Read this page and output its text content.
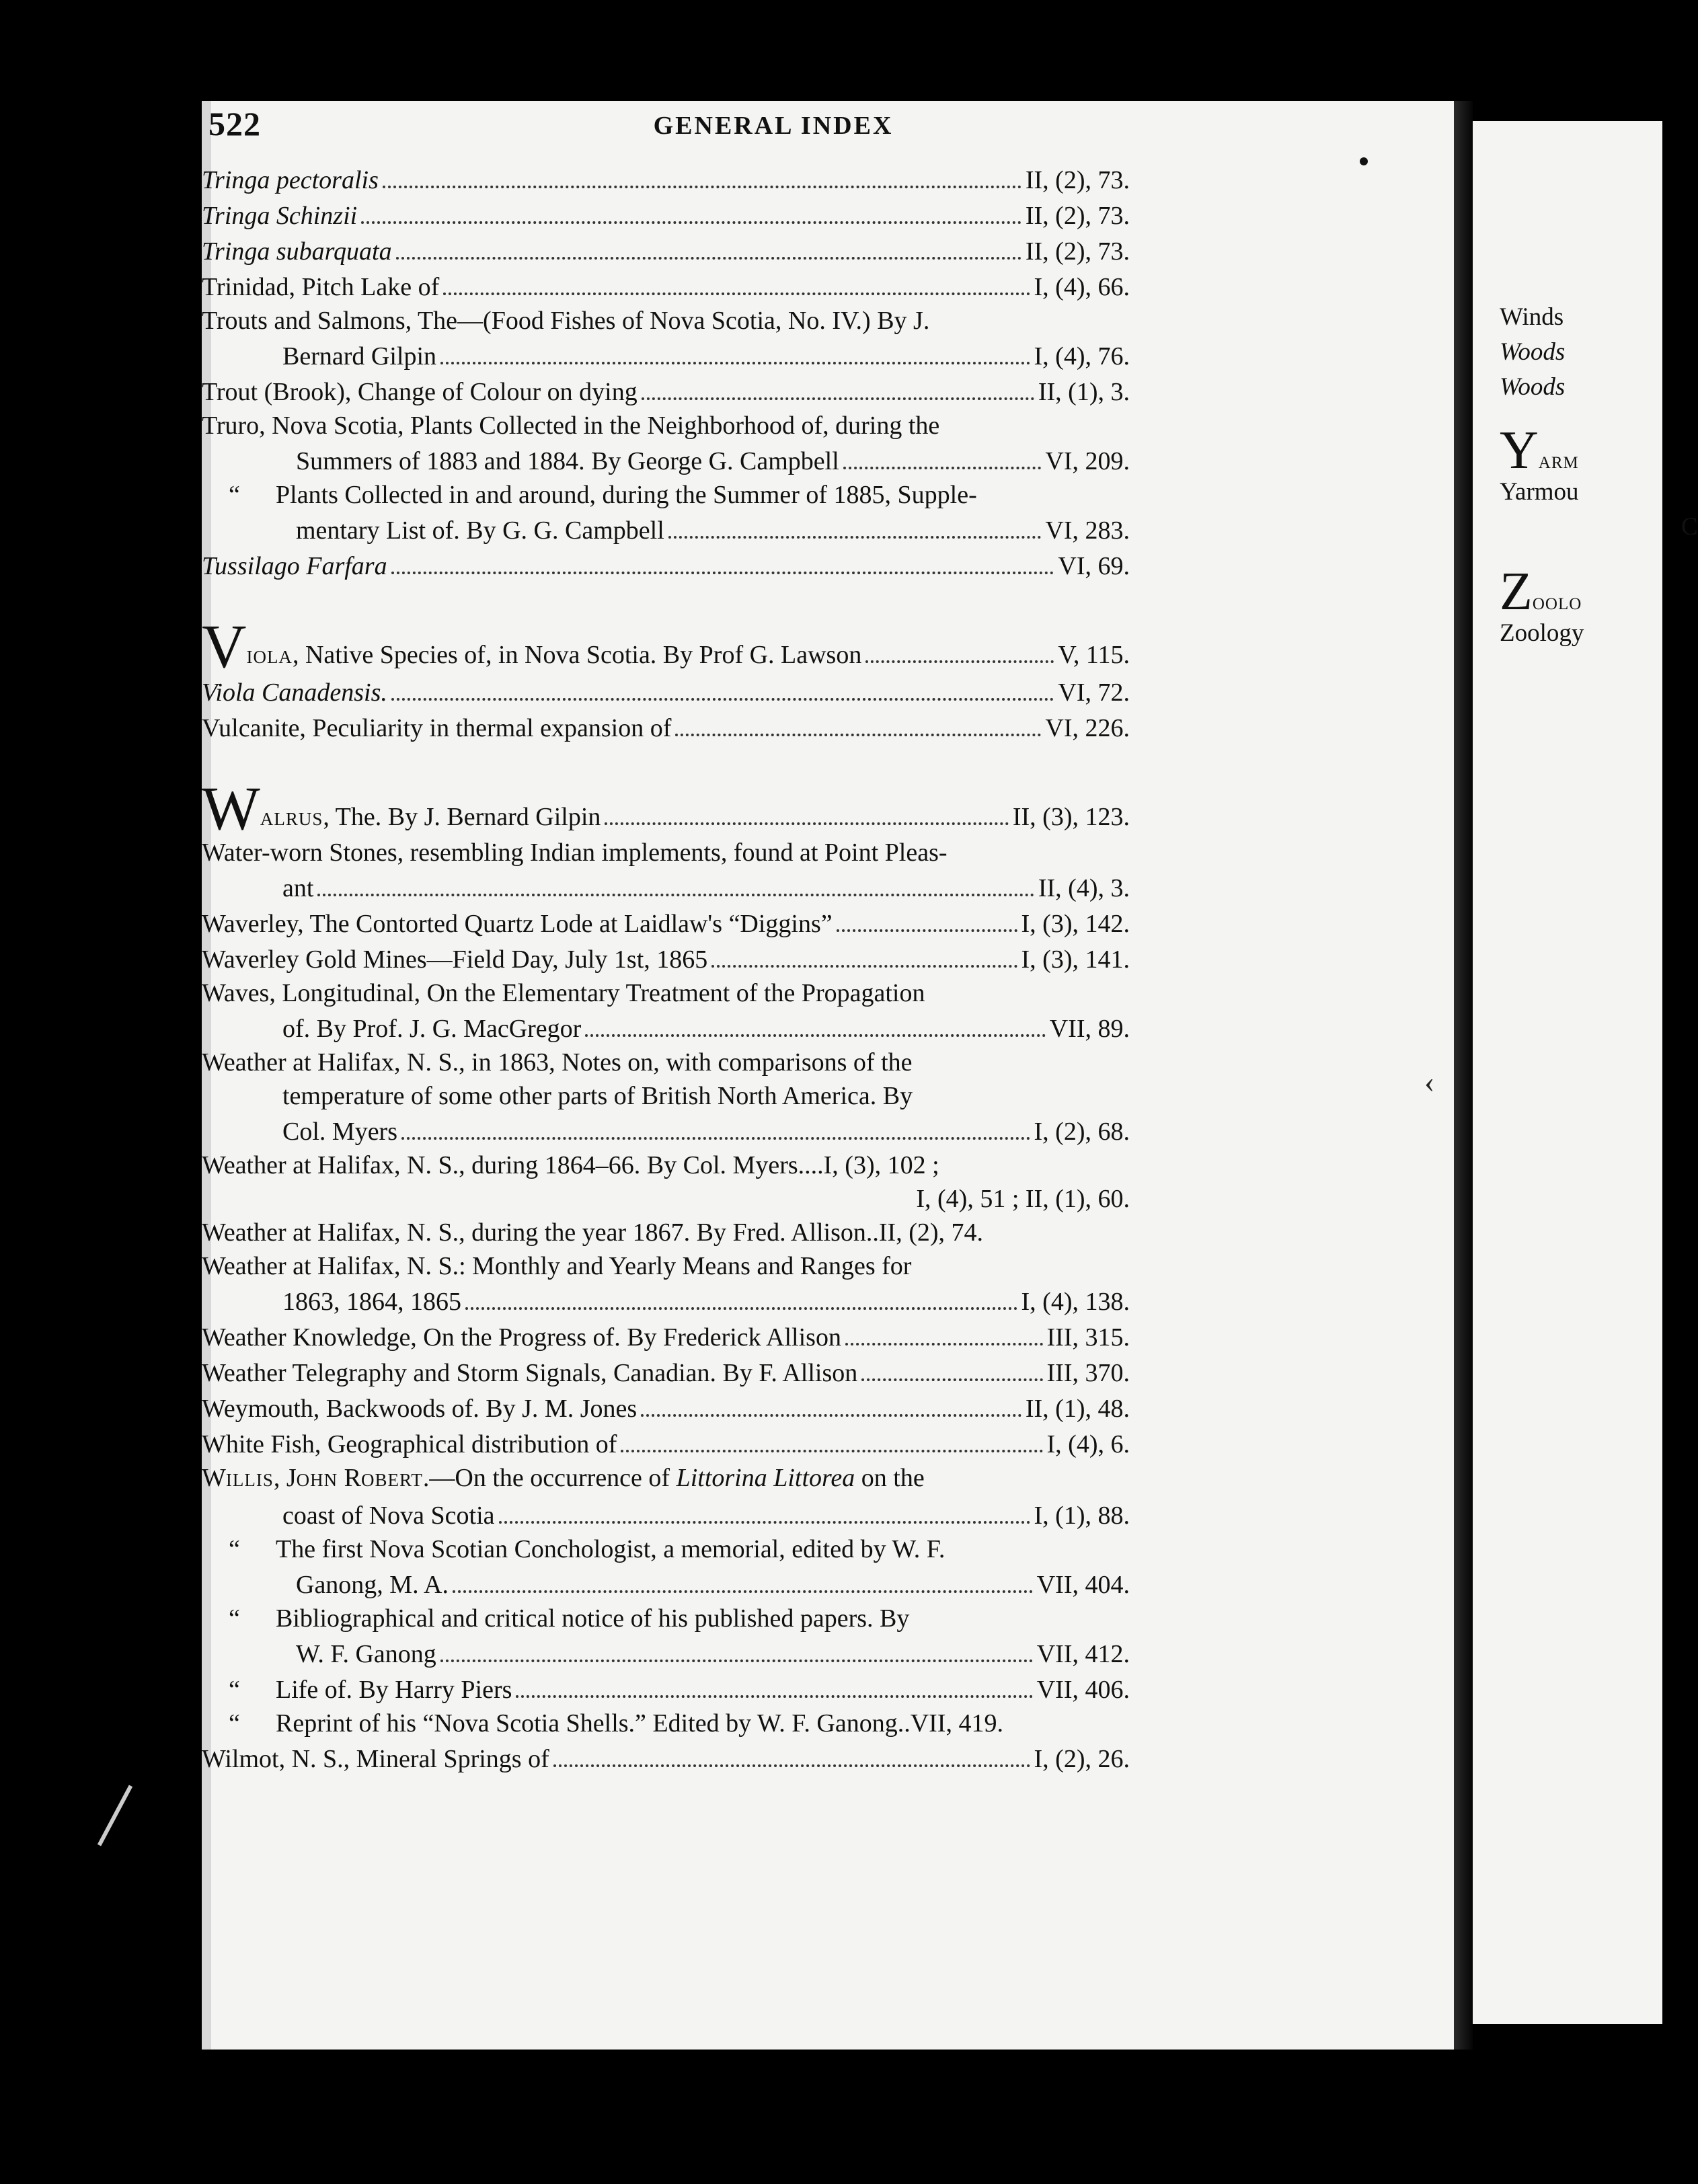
Winds
Woods
Woods
YARM
Yarmou
C
ZOOLO
Zoology
‹
522	GENERAL INDEX
Tringa pectoralis	II, (2), 73.
Tringa Schinzii	II, (2), 73.
Tringa subarquata	II, (2), 73.
Trinidad, Pitch Lake of	I, (4), 66.
Trouts and Salmons, The—(Food Fishes of Nova Scotia, No. IV.) By J.
Bernard Gilpin	I, (4), 76.
Trout (Brook), Change of Colour on dying	II, (1), 3.
Truro, Nova Scotia, Plants Collected in the Neighborhood of, during the
Summers of 1883 and 1884. By George G. Campbell	VI, 209.
“	Plants Collected in and around, during the Summer of 1885, Supple-
mentary List of. By G. G. Campbell	VI, 283.
Tussilago Farfara	VI, 69.
VIOLA, Native Species of, in Nova Scotia. By Prof G. Lawson	V, 115.
Viola Canadensis.	VI, 72.
Vulcanite, Peculiarity in thermal expansion of	VI, 226.
WALRUS, The. By J. Bernard Gilpin	II, (3), 123.
Water-worn Stones, resembling Indian implements, found at Point Pleas-
ant	II, (4), 3.
Waverley, The Contorted Quartz Lode at Laidlaw's “Diggins”	I, (3), 142.
Waverley Gold Mines—Field Day, July 1st, 1865	I, (3), 141.
Waves, Longitudinal, On the Elementary Treatment of the Propagation
of. By Prof. J. G. MacGregor	VII, 89.
Weather at Halifax, N. S., in 1863, Notes on, with comparisons of the
temperature of some other parts of British North America. By
Col. Myers	I, (2), 68.
Weather at Halifax, N. S., during 1864–66. By Col. Myers....I, (3), 102 ;
I, (4), 51 ; II, (1), 60.
Weather at Halifax, N. S., during the year 1867. By Fred. Allison..II, (2), 74.
Weather at Halifax, N. S.: Monthly and Yearly Means and Ranges for
1863, 1864, 1865	I, (4), 138.
Weather Knowledge, On the Progress of. By Frederick Allison	III, 315.
Weather Telegraphy and Storm Signals, Canadian. By F. Allison	III, 370.
Weymouth, Backwoods of. By J. M. Jones	II, (1), 48.
White Fish, Geographical distribution of	I, (4), 6.
WILLIS, JOHN ROBERT.—On the occurrence of Littorina Littorea on the
coast of Nova Scotia	I, (1), 88.
“	The first Nova Scotian Conchologist, a memorial, edited by W. F.
Ganong, M. A.	VII, 404.
“	Bibliographical and critical notice of his published papers. By
W. F. Ganong	VII, 412.
“	Life of. By Harry Piers	VII, 406.
“	Reprint of his “Nova Scotia Shells.” Edited by W. F. Ganong..VII, 419.
Wilmot, N. S., Mineral Springs of	I, (2), 26.
